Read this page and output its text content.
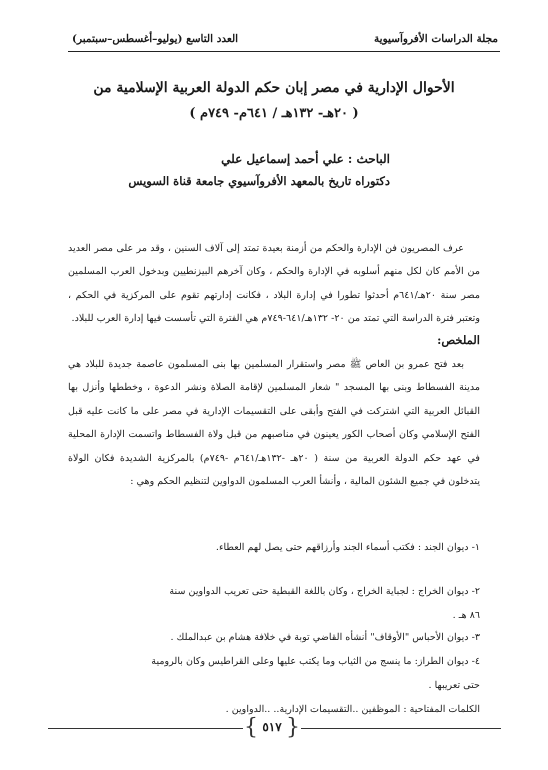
مجلة الدراسات الأفروآسيوية
العدد التاسع (يوليو–أغسطس–سبتمبر)
الأحوال الإدارية في مصر إبان حكم الدولة العربية الإسلامية من
( ٢٠هـ- ١٣٢هـ / ٦٤١م- ٧٤٩م )
الباحث : علي أحمد إسماعيل علي
دكتوراه تاريخ بالمعهد الأفروآسيوي جامعة قناة السويس

عرف المصريون فن الإدارة والحكم من أزمنة بعيدة تمتد إلى آلاف السنين ، وقد مر على مصر العديد من الأمم كان لكل منهم أسلوبه في الإدارة والحكم ، وكان آخرهم البيزنطيين وبدخول العرب المسلمين مصر سنة ٢٠هـ/٦٤١م أحدثوا تطورا في إدارة البلاد ، فكانت إدارتهم تقوم على المركزية في الحكم ، وتعتبر فترة الدراسة التي تمتد من ٢٠- ١٣٢هـ/٦٤١-٧٤٩م هي الفترة التي تأسست فيها إدارة العرب للبلاد.

الملخص:

بعد فتح عمرو بن العاص ﷺ مصر واستقرار المسلمين بها بنى المسلمون عاصمة جديدة للبلاد هي مدينة الفسطاط وبنى بها المسجد " شعار المسلمين لإقامة الصلاة ونشر الدعوة ، وخططها وأنزل بها القبائل العربية التي اشتركت في الفتح وأبقى على التقسيمات الإدارية في مصر على ما كانت عليه قبل الفتح الإسلامي وكان أصحاب الكور يعينون في مناصبهم من قبل ولاة الفسطاط واتسمت الإدارة المحلية في عهد حكم الدولة العربية من سنة ( ٢٠هـ -١٣٢هـ/٦٤١م -٧٤٩م) بالمركزية الشديدة فكان الولاة يتدخلون في جميع الشئون المالية ، وأنشأ العرب المسلمون الدواوين لتنظيم الحكم وهي :

١- ديوان الجند : فكتب أسماء الجند وأرزاقهم حتى يصل لهم العطاء.
٢- ديوان الخراج : لجباية الخراج ، وكان باللغة القبطية حتى تعريب الدواوين سنة
٨٦ هـ .
٣- ديوان الأحباس "الأوقاف" أنشأه القاضي توبة في خلافة هشام بن عبدالملك .
٤- ديوان الطراز: ما ينسج من الثياب وما يكتب عليها وعلى القراطيس وكان بالرومية
حتى تعريبها .
الكلمات المفتاحية : الموظفين ..التقسيمات الإدارية.. ..الدواوين .
{ ٥١٧ }
